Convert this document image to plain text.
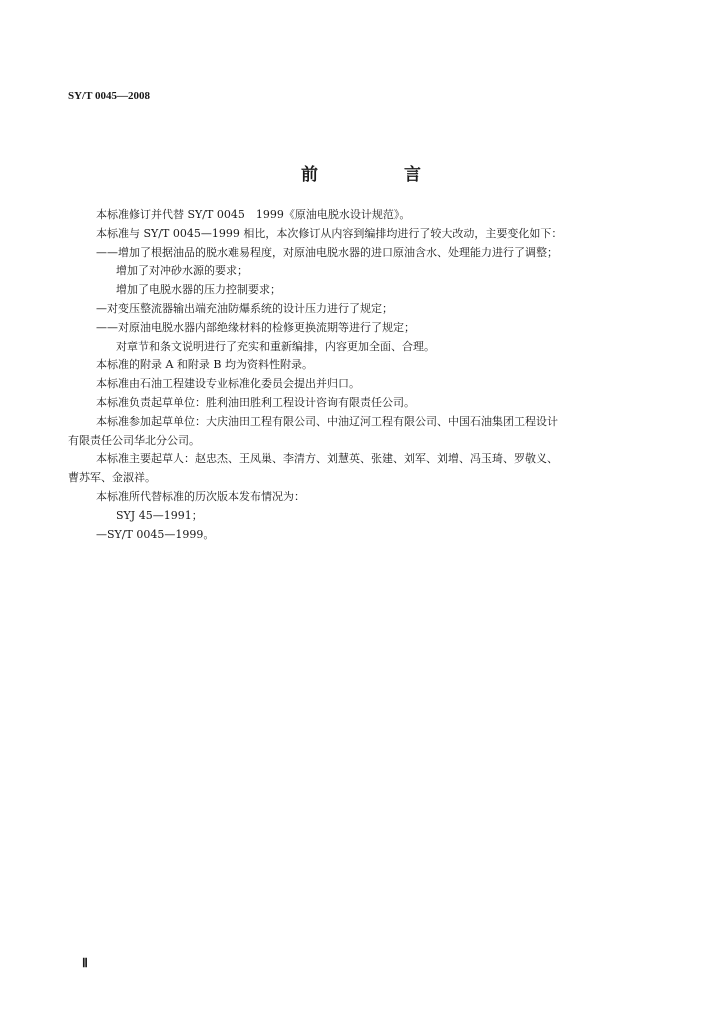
SY/T 0045—2008
前 言
本标准修订并代替 SY/T 0045　1999《原油电脱水设计规范》。
本标准与 SY/T 0045—1999 相比，本次修订从内容到编排均进行了较大改动，主要变化如下：
——增加了根据油品的脱水难易程度，对原油电脱水器的进口原油含水、处理能力进行了调整；
增加了对冲砂水源的要求；
增加了电脱水器的压力控制要求；
—对变压整流器输出端充油防爆系统的设计压力进行了规定；
——对原油电脱水器内部绝缘材料的检修更换流期等进行了规定；
对章节和条文说明进行了充实和重新编排，内容更加全面、合理。
本标准的附录 A 和附录 B 均为资料性附录。
本标准由石油工程建设专业标准化委员会提出并归口。
本标准负责起草单位：胜利油田胜利工程设计咨询有限责任公司。
本标准参加起草单位：大庆油田工程有限公司、中油辽河工程有限公司、中国石油集团工程设计
有限责任公司华北分公司。
本标准主要起草人：赵忠杰、王凤巢、李清方、刘慧英、张建、刘军、刘增、冯玉琦、罗敬义、
曹苏军、金淑祥。
本标准所代替标准的历次版本发布情况为：
SYJ 45—1991；
—SY/T 0045—1999。
Ⅱ
